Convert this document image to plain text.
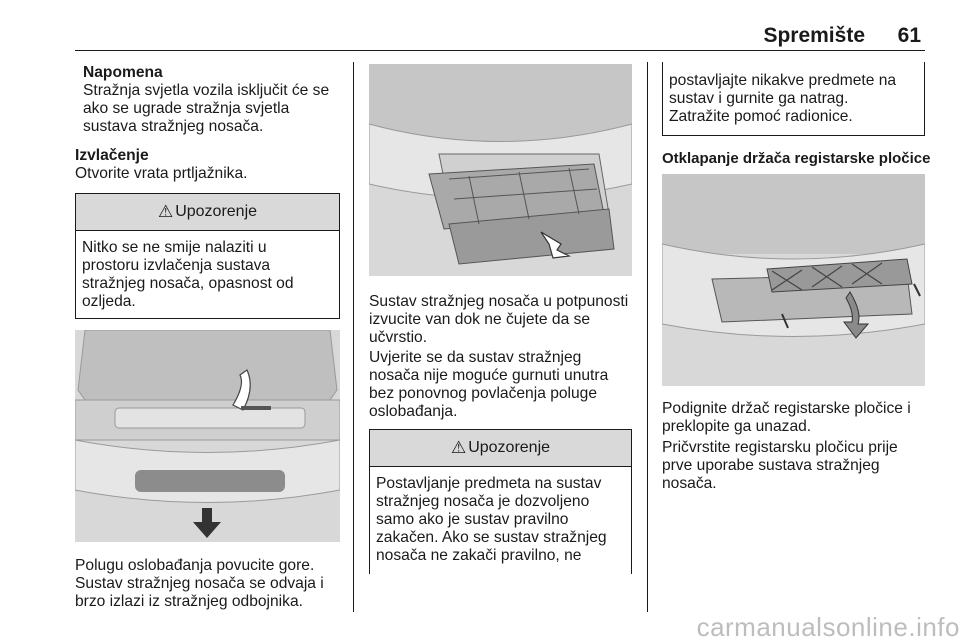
Spremište 61
Napomena
Stražnja svjetla vozila isključit će se
ako se ugrade stražnja svjetla
sustava stražnjeg nosača.
Izvlačenje
Otvorite vrata prtljažnika.
⚠ Upozorenje
Nitko se ne smije nalaziti u
prostoru izvlačenja sustava
stražnjeg nosača, opasnost od
ozljeda.
Polugu oslobađanja povucite gore.
Sustav stražnjeg nosača se odvaja i
brzo izlazi iz stražnjeg odbojnika.
Sustav stražnjeg nosača u potpunosti
izvucite van dok ne čujete da se
učvrstio.
Uvjerite se da sustav stražnjeg
nosača nije moguće gurnuti unutra
bez ponovnog povlačenja poluge
oslobađanja.
⚠ Upozorenje
Postavljanje predmeta na sustav
stražnjeg nosača je dozvoljeno
samo ako je sustav pravilno
zakačen. Ako se sustav stražnjeg
nosača ne zakači pravilno, ne
postavljajte nikakve predmete na
sustav i gurnite ga natrag.
Zatražite pomoć radionice.
Otklapanje držača registarske pločice
Podignite držač registarske pločice i
preklopite ga unazad.
Pričvrstite registarsku pločicu prije
prve uporabe sustava stražnjeg
nosača.
carmanualsonline.info
